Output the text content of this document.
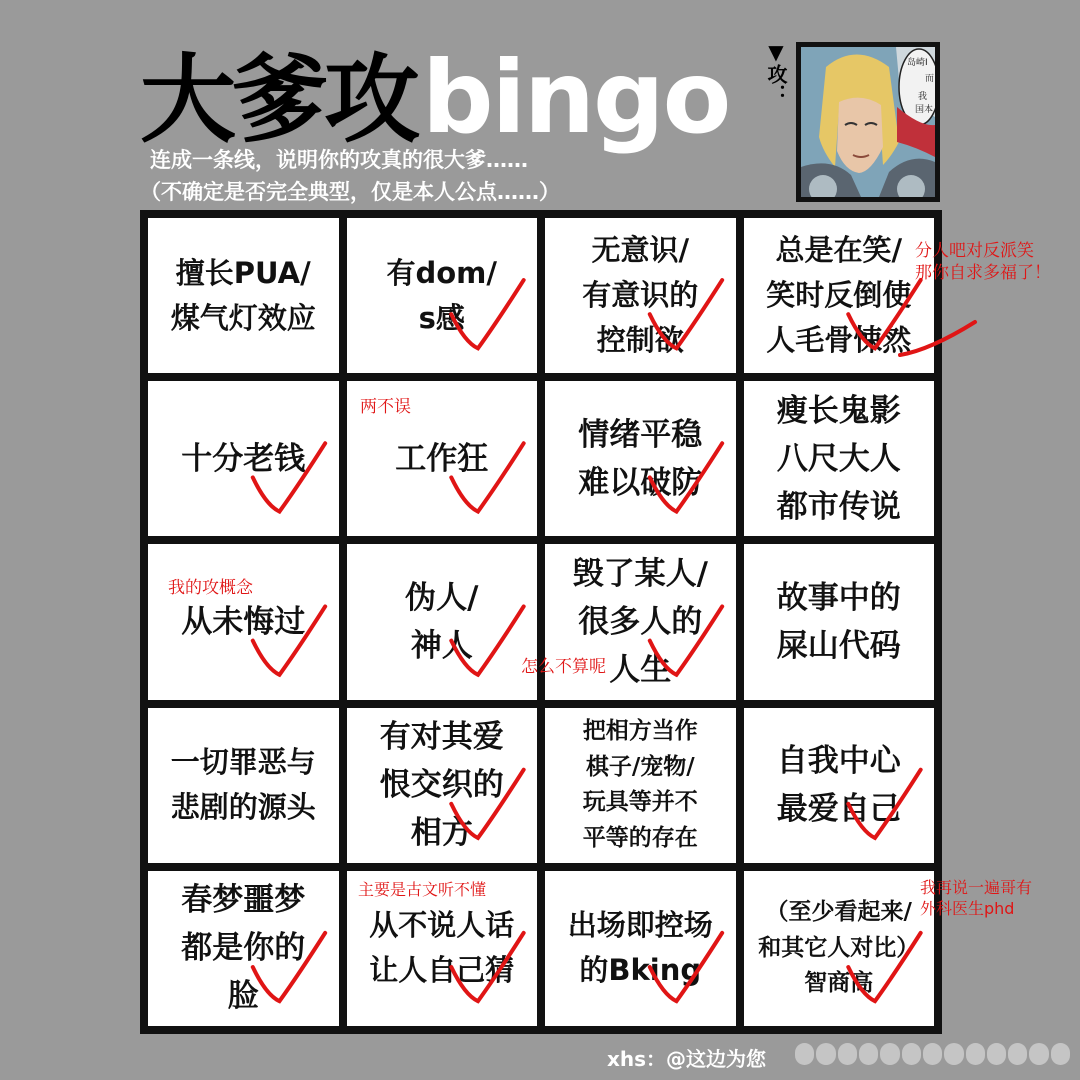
大爹攻 bingo
连成一条线，说明你的攻真的很大爹……
（不确定是否完全典型，仅是本人公点……）
▼攻：	岛崎I
而
我
国本
擅长PUA/
煤气灯效应
有dom/
s感
无意识/
有意识的
控制欲
总是在笑/
笑时反倒使
人毛骨悚然
十分老钱	工作狂
情绪平稳
难以破防
瘦长鬼影
八尺大人
都市传说
从未悔过
伪人/
神人
毁了某人/
很多人的
人生
故事中的
屎山代码
一切罪恶与
悲剧的源头
有对其爱
恨交织的
相方
把相方当作
棋子/宠物/
玩具等并不
平等的存在
自我中心
最爱自己
春梦噩梦
都是你的
脸
从不说人话
让人自己猜
出场即控场
的Bking
（至少看起来/
和其它人对比）
智商高
分人吧对反派笑
那你自求多福了！
两不误
我的攻概念
怎么不算呢
主要是古文听不懂	我再说一遍哥有
外科医生phd
xhs：@这边为您
